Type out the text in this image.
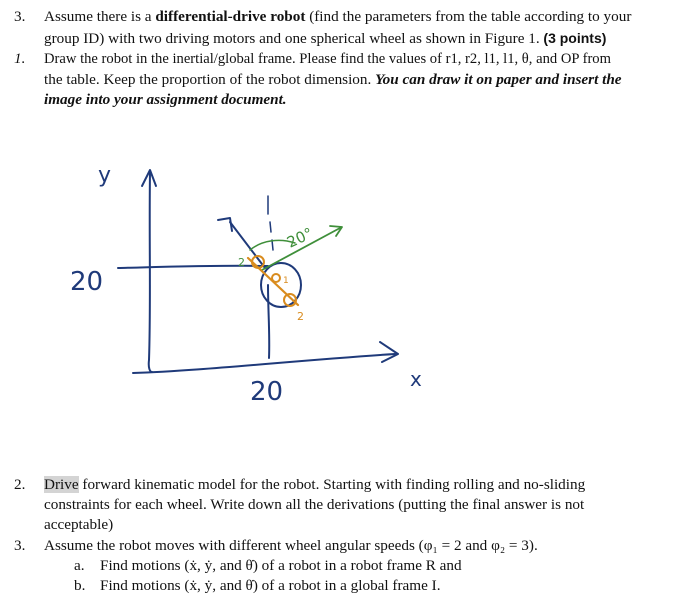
3. Assume there is a differential-drive robot (find the parameters from the table according to your
group ID) with two driving motors and one spherical wheel as shown in Figure 1. (3 points)
1. Draw the robot in the inertial/global frame. Please find the values of r1, r2, l1, l1, θ, and OP from
the table. Keep the proportion of the robot dimension. You can draw it on paper and insert the
image into your assignment document.
y
x
20
20
20°
2
2
1
2. Drive forward kinematic model for the robot. Starting with finding rolling and no-sliding
constraints for each wheel. Write down all the derivations (putting the final answer is not
acceptable)
3. Assume the robot moves with different wheel angular speeds (φ₁ = 2 and φ₂ = 3).
a. Find motions (ẋ, ẏ, and θ̇) of a robot in a robot frame R and
b. Find motions (ẋ, ẏ, and θ̇) of a robot in a global frame I.
